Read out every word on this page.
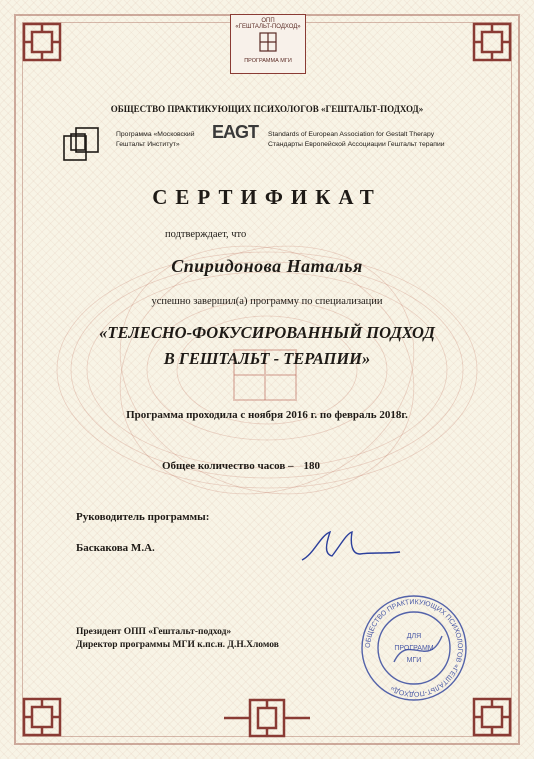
ОПП
«ГЕШТАЛЬТ-ПОДХОД»
ПРОГРАММА МГИ
ОБЩЕСТВО ПРАКТИКУЮЩИХ ПСИХОЛОГОВ «ГЕШТАЛЬТ-ПОДХОД»
Программа «Московский
Гештальт Институт»
EAGT Standards of European Association for Gestalt Therapy
Стандарты Европейской Ассоциации Гештальт терапии
СЕРТИФИКАТ
подтверждает, что
Спиридонова Наталья
успешно завершил(а) программу по специализации
«ТЕЛЕСНО-ФОКУСИРОВАННЫЙ ПОДХОД
В ГЕШТАЛЬТ - ТЕРАПИИ»
Программа проходила с ноября 2016 г. по февраль 2018г.
Общее количество часов – 180
Руководитель программы:
Баскакова М.А.
Президент ОПП «Гештальт-подход»
Директор программы МГИ к.пс.н. Д.Н.Хломов	ОБЩЕСТВО ПРАКТИКУЮЩИХ ПСИХОЛОГОВ «ГЕШТАЛЬТ-ПОДХОД»
ДЛЯ
ПРОГРАММ
МГИ
